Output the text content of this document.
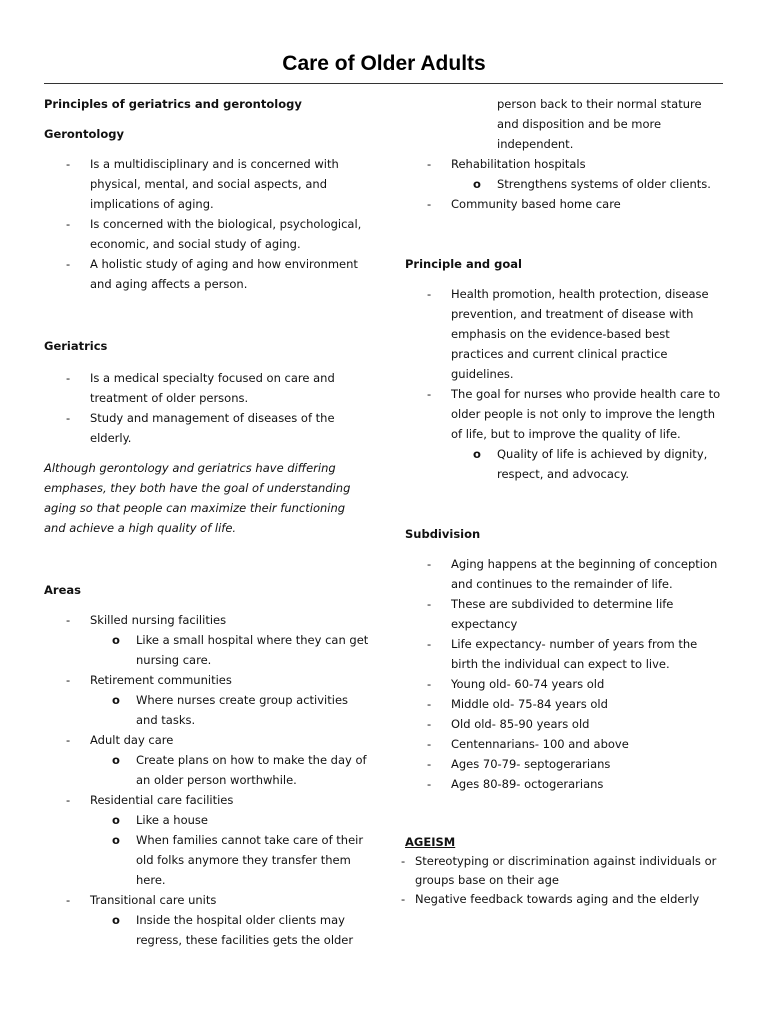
Care of Older Adults
Principles of geriatrics and gerontology
Gerontology
- Is a multidisciplinary and is concerned with physical, mental, and social aspects, and implications of aging.
- Is concerned with the biological, psychological, economic, and social study of aging.
- A holistic study of aging and how environment and aging affects a person.
Geriatrics
- Is a medical specialty focused on care and treatment of older persons.
- Study and management of diseases of the elderly.
Although gerontology and geriatrics have differing emphases, they both have the goal of understanding aging so that people can maximize their functioning and achieve a high quality of life.
Areas
- Skilled nursing facilities
o Like a small hospital where they can get nursing care.
- Retirement communities
o Where nurses create group activities and tasks.
- Adult day care
o Create plans on how to make the day of an older person worthwhile.
- Residential care facilities
o Like a house
o When families cannot take care of their old folks anymore they transfer them here.
- Transitional care units
o Inside the hospital older clients may regress, these facilities gets the older
person back to their normal stature and disposition and be more independent.
- Rehabilitation hospitals
o Strengthens systems of older clients.
- Community based home care
Principle and goal
- Health promotion, health protection, disease prevention, and treatment of disease with emphasis on the evidence-based best practices and current clinical practice guidelines.
- The goal for nurses who provide health care to older people is not only to improve the length of life, but to improve the quality of life.
o Quality of life is achieved by dignity, respect, and advocacy.
Subdivision
- Aging happens at the beginning of conception and continues to the remainder of life.
- These are subdivided to determine life expectancy
- Life expectancy- number of years from the birth the individual can expect to live.
- Young old- 60-74 years old
- Middle old- 75-84 years old
- Old old- 85-90 years old
- Centennarians- 100 and above
- Ages 70-79- septogerarians
- Ages 80-89- octogerarians
AGEISM
- Stereotyping or discrimination against individuals or groups base on their age
- Negative feedback towards aging and the elderly
